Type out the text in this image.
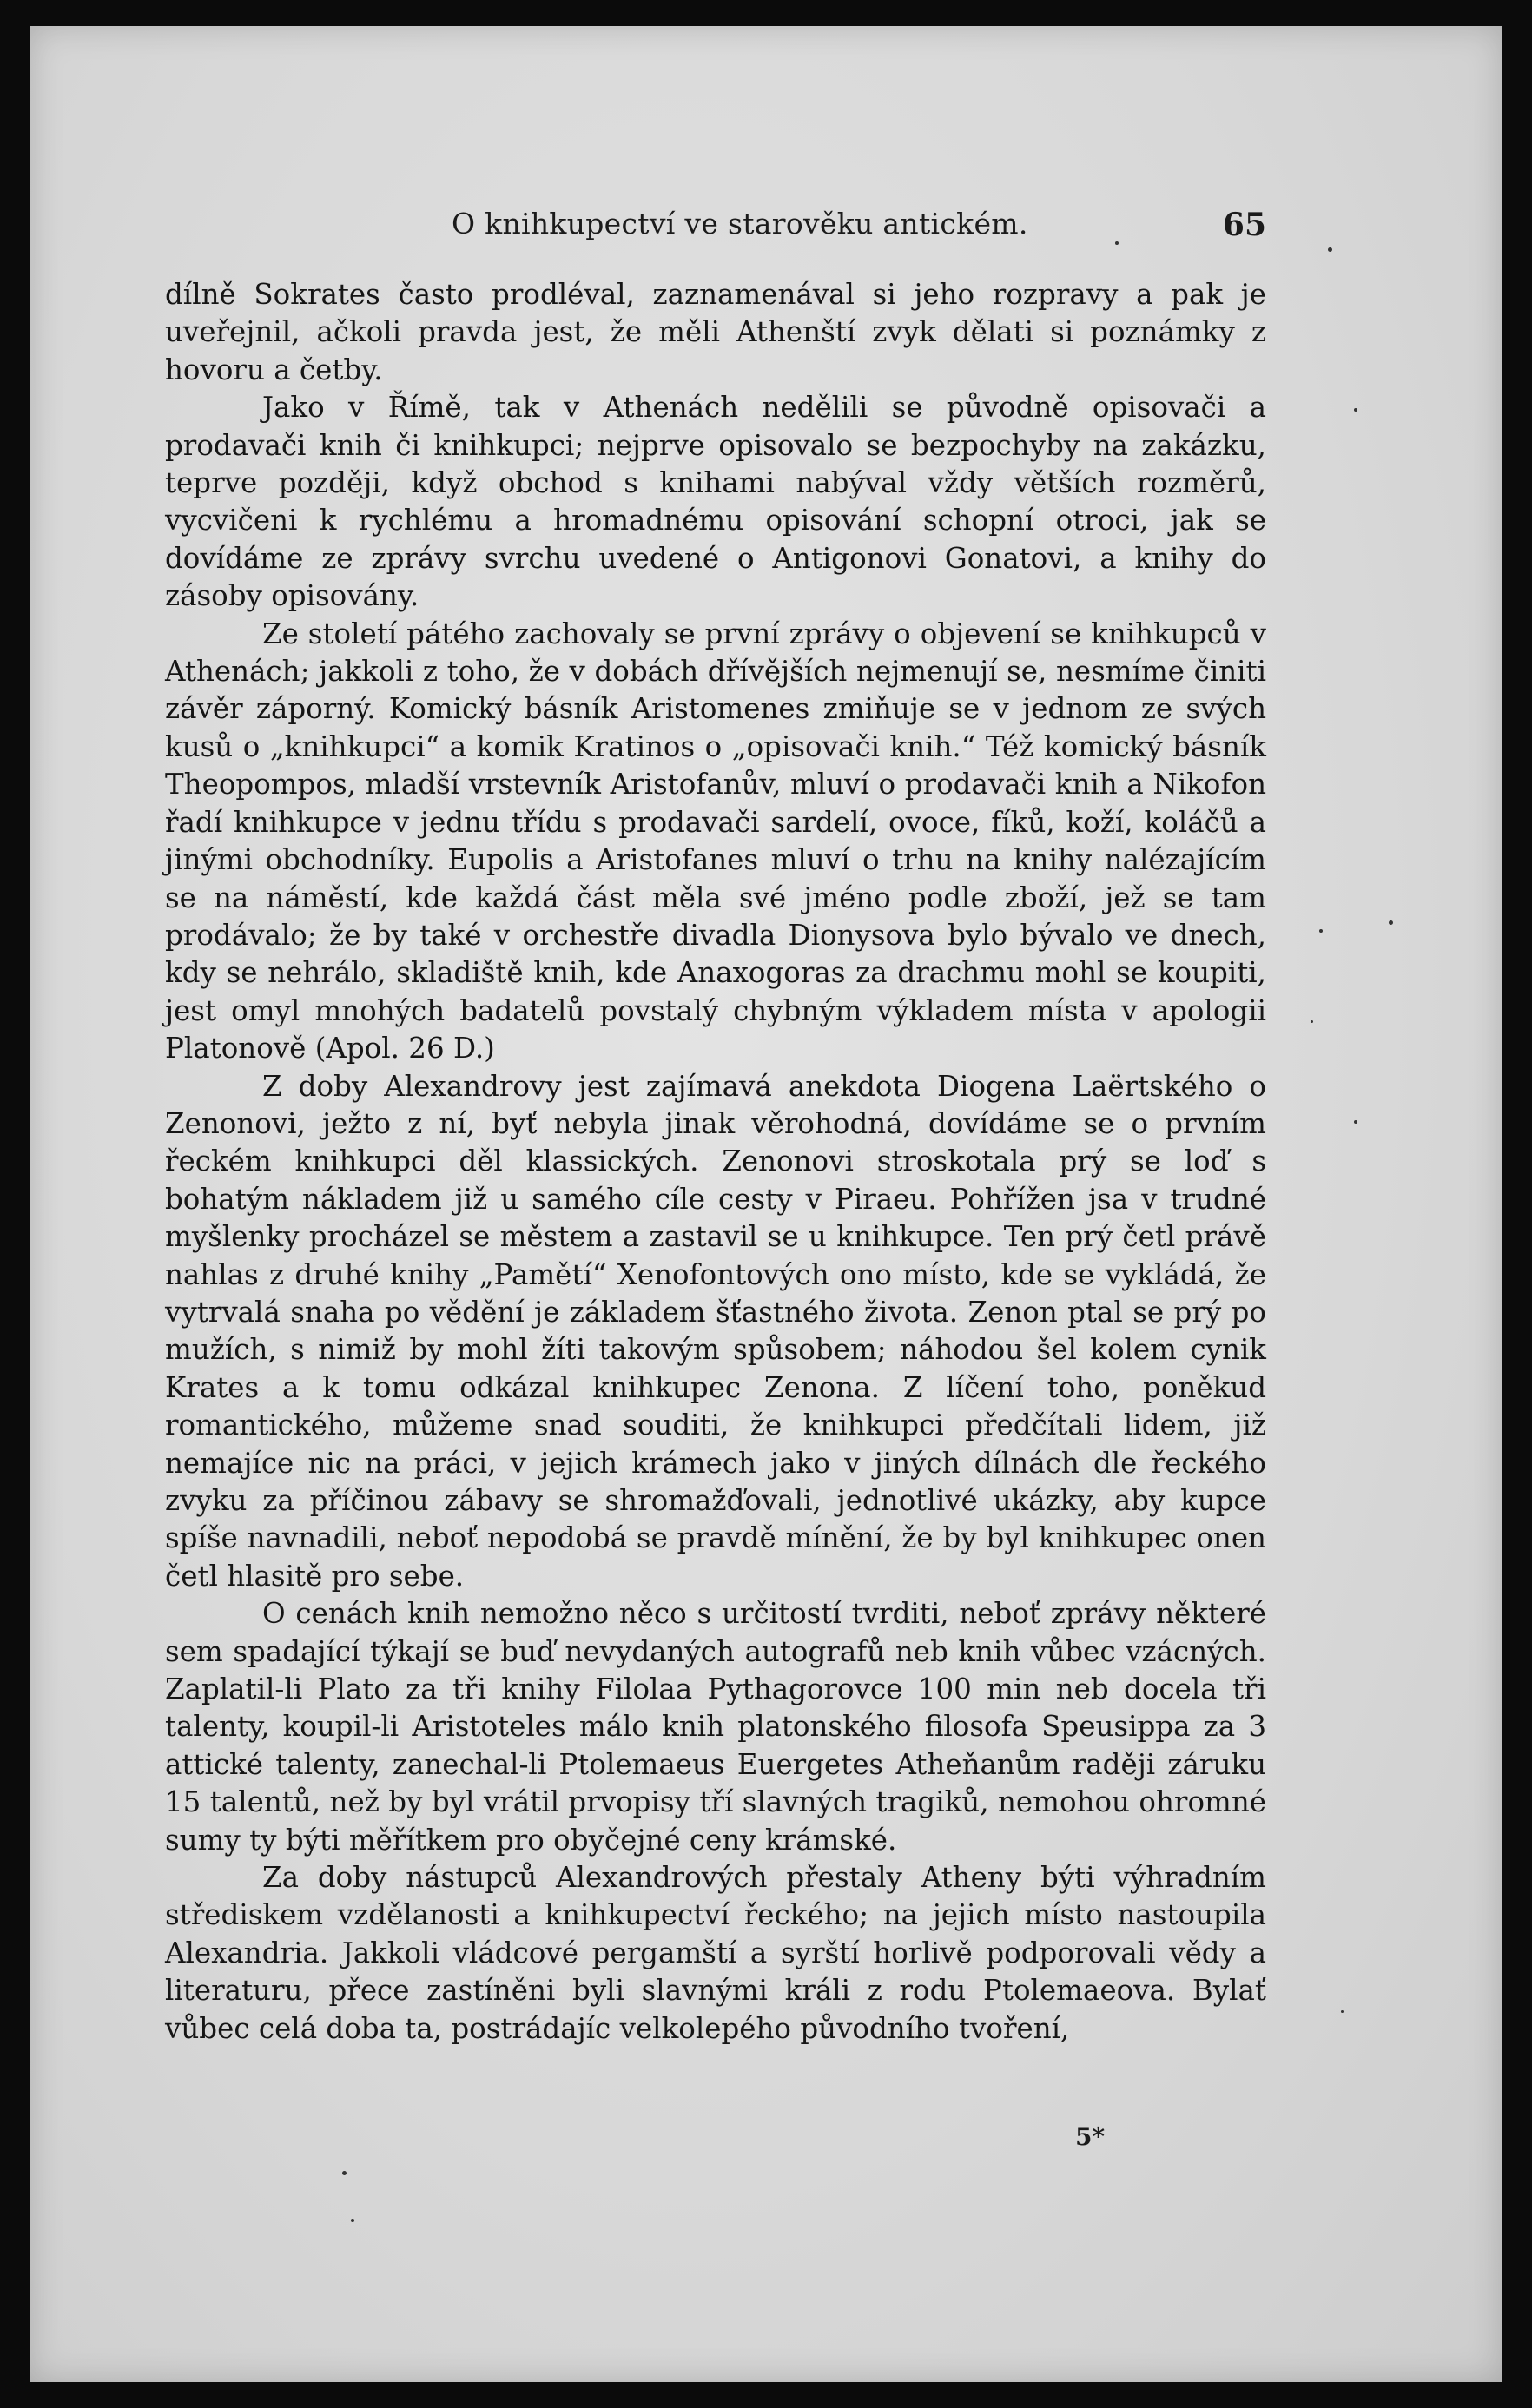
O knihkupectví ve starověku antickém.	65

dílně Sokrates často prodléval, zaznamenával si jeho rozpravy a pak je uveřejnil, ačkoli pravda jest, že měli Athenští zvyk dělati si poznámky z hovoru a četby.

Jako v Římě, tak v Athenách nedělili se původně opisovači a prodavači knih či knihkupci; nejprve opisovalo se bezpochyby na zakázku, teprve později, když obchod s knihami nabýval vždy větších rozměrů, vycvičeni k rychlému a hromadnému opisování schopní otroci, jak se dovídáme ze zprávy svrchu uvedené o Antigonovi Gonatovi, a knihy do zásoby opisovány.

Ze století pátého zachovaly se první zprávy o objevení se knihkupců v Athenách; jakkoli z toho, že v dobách dřívějších nejmenují se, nesmíme činiti závěr záporný. Komický básník Aristomenes zmiňuje se v jednom ze svých kusů o „knihkupci“ a komik Kratinos o „opisovači knih.“ Též komický básník Theopompos, mladší vrstevník Aristofanův, mluví o prodavači knih a Nikofon řadí knihkupce v jednu třídu s prodavači sardelí, ovoce, fíků, koží, koláčů a jinými obchodníky. Eupolis a Aristofanes mluví o trhu na knihy nalézajícím se na náměstí, kde každá část měla své jméno podle zboží, jež se tam prodávalo; že by také v orchestře divadla Dionysova bylo bývalo ve dnech, kdy se nehrálo, skladiště knih, kde Anaxogoras za drachmu mohl se koupiti, jest omyl mnohých badatelů povstalý chybným výkladem místa v apologii Platonově (Apol. 26 D.)

Z doby Alexandrovy jest zajímavá anekdota Diogena Laërtského o Zenonovi, ježto z ní, byť nebyla jinak věrohodná, dovídáme se o prvním řeckém knihkupci děl klassických. Zenonovi stroskotala prý se loď s bohatým nákladem již u samého cíle cesty v Piraeu. Pohřížen jsa v trudné myšlenky procházel se městem a zastavil se u knihkupce. Ten prý četl právě nahlas z druhé knihy „Pamětí“ Xenofontových ono místo, kde se vykládá, že vytrvalá snaha po vědění je základem šťastného života. Zenon ptal se prý po mužích, s nimiž by mohl žíti takovým spůsobem; náhodou šel kolem cynik Krates a k tomu odkázal knihkupec Zenona. Z líčení toho, poněkud romantického, můžeme snad souditi, že knihkupci předčítali lidem, již nemajíce nic na práci, v jejich krámech jako v jiných dílnách dle řeckého zvyku za příčinou zábavy se shromažďovali, jednotlivé ukázky, aby kupce spíše navnadili, neboť nepodobá se pravdě mínění, že by byl knihkupec onen četl hlasitě pro sebe.

O cenách knih nemožno něco s určitostí tvrditi, neboť zprávy některé sem spadající týkají se buď nevydaných autografů neb knih vůbec vzácných. Zaplatil-li Plato za tři knihy Filolaa Pythagorovce 100 min neb docela tři talenty, koupil-li Aristoteles málo knih platonského filosofa Speusippa za 3 attické talenty, zanechal-li Ptolemaeus Euergetes Atheňanům raději záruku 15 talentů, než by byl vrátil prvopisy tří slavných tragiků, nemohou ohromné sumy ty býti měřítkem pro obyčejné ceny krámské.

Za doby nástupců Alexandrových přestaly Atheny býti výhradním střediskem vzdělanosti a knihkupectví řeckého; na jejich místo nastoupila Alexandria. Jakkoli vládcové pergamští a syrští horlivě podporovali vědy a literaturu, přece zastíněni byli slavnými králi z rodu Ptolemaeova. Bylať vůbec celá doba ta, postrádajíc velkolepého původního tvoření,

5*
